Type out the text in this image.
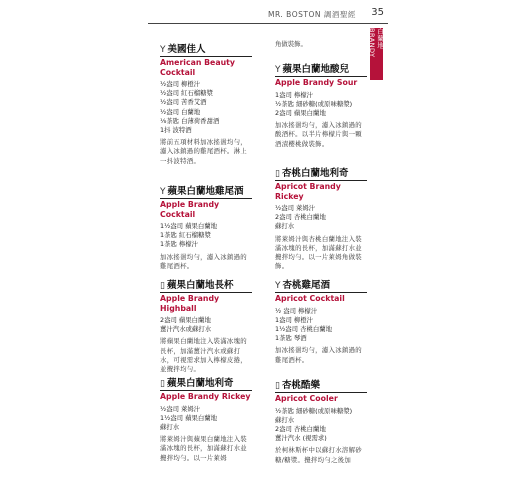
MR. BOSTON 調酒聖經 35
白蘭地 BRANDY
角做裝飾。
Y 美國佳人
American Beauty Cocktail
½盎司 柳橙汁
½盎司 紅石榴糖漿
½盎司 苦香艾酒
½盎司 白蘭地
⅛茶匙 白薄荷香甜酒
1抖 波特酒
將前五項材料加冰搖盪均勻，濾入冰鎮過的雞尾酒杯。淋上一抖波特酒。
Y 蘋果白蘭地雞尾酒
Apple Brandy Cocktail
1½盎司 蘋果白蘭地
1茶匙 紅石榴糖漿
1茶匙 檸檬汁
加冰搖盪均勻，濾入冰鎮過的雞尾酒杯。
▯ 蘋果白蘭地長杯
Apple Brandy Highball
2盎司 蘋果白蘭地
薑汁汽水或蘇打水
將蘋果白蘭地注入裝滿冰塊的長杯，加滿薑汁汽水或蘇打水，可視需求加入檸檬皮捲，並攪拌均勻。
▯ 蘋果白蘭地利奇
Apple Brandy Rickey
½盎司 萊姆汁
1½盎司 蘋果白蘭地
蘇打水
將萊姆汁與蘋果白蘭地注入裝滿冰塊的長杯，加滿蘇打水並攪拌均勻。以一片萊姆
Y 蘋果白蘭地酸兒
Apple Brandy Sour
1盎司 檸檬汁
½茶匙 細砂糖(或原味糖漿)
2盎司 蘋果白蘭地
加冰搖盪均勻，濾入冰鎮過的酸酒杯。以半片檸檬片與一顆酒漬櫻桃做裝飾。
▯ 杏桃白蘭地利奇
Apricot Brandy Rickey
½盎司 萊姆汁
2盎司 杏桃白蘭地
蘇打水
將萊姆汁與杏桃白蘭地注入裝滿冰塊的長杯，加滿蘇打水並攪拌均勻。以一片萊姆角做裝飾。
Y 杏桃雞尾酒
Apricot Cocktail
½ 盎司 檸檬汁
1盎司 柳橙汁
1½盎司 杏桃白蘭地
1茶匙 琴酒
加冰搖盪均勻，濾入冰鎮過的雞尾酒杯。
▯ 杏桃酷樂
Apricot Cooler
½茶匙 細砂糖(或原味糖漿)
蘇打水
2盎司 杏桃白蘭地
薑汁汽水 (視需求)
於柯林斯杯中以蘇打水溶解砂糖/糖漿。攪拌均勻之後加
